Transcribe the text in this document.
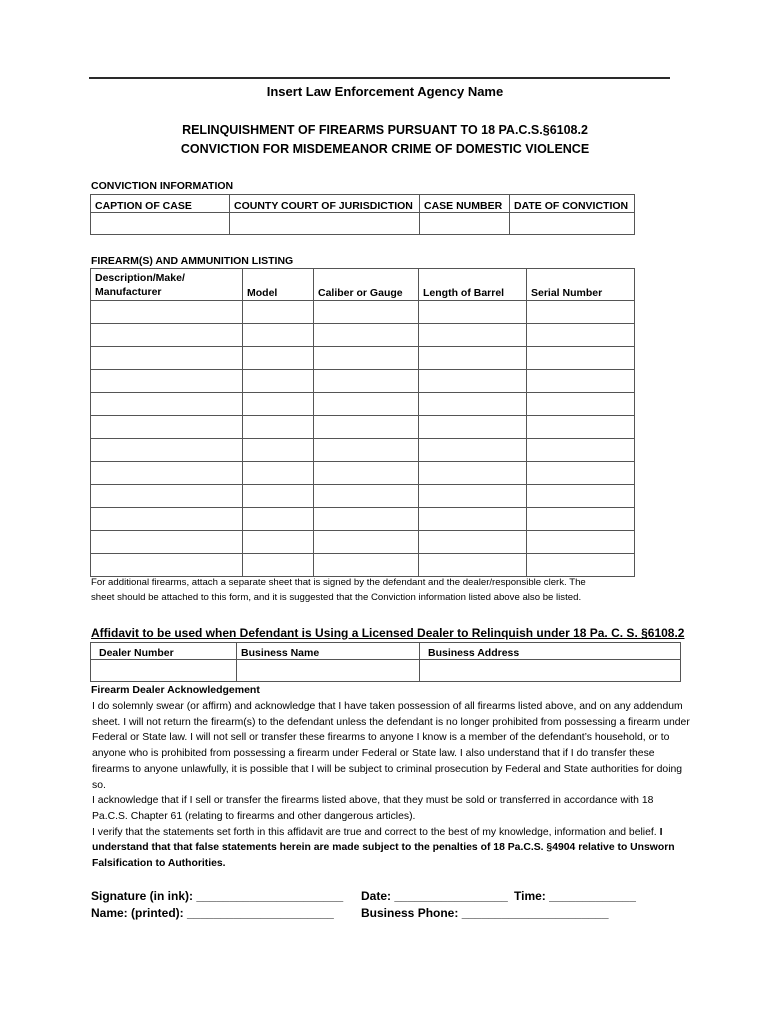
Insert Law Enforcement Agency Name
RELINQUISHMENT OF FIREARMS PURSUANT TO 18 PA.C.S.§6108.2
CONVICTION FOR MISDEMEANOR CRIME OF DOMESTIC VIOLENCE
CONVICTION INFORMATION
CAPTION OF CASE	COUNTY COURT OF JURISDICTION	CASE NUMBER	DATE OF CONVICTION

FIREARM(S) AND AMMUNITION LISTING
Description/Make/
Manufacturer	Model	Caliber or Gauge	Length of Barrel	Serial Number

For additional firearms, attach a separate sheet that is signed by the defendant and the dealer/responsible clerk. The
sheet should be attached to this form, and it is suggested that the Conviction information listed above also be listed.
Affidavit to be used when Defendant is Using a Licensed Dealer to Relinquish under 18 Pa. C. S. §6108.2
Dealer Number	Business Name	Business Address

Firearm Dealer Acknowledgement

I do solemnly swear (or affirm) and acknowledge that I have taken possession of all firearms listed above, and on any addendum sheet. I will not return the firearm(s) to the defendant unless the defendant is no longer prohibited from possessing a firearm under Federal or State law. I will not sell or transfer these firearms to anyone I know is a member of the defendant’s household, or to anyone who is prohibited from possessing a firearm under Federal or State law. I also understand that if I do transfer these firearms to anyone unlawfully, it is possible that I will be subject to criminal prosecution by Federal and State authorities for doing so.

I acknowledge that if I sell or transfer the firearms listed above, that they must be sold or transferred in accordance with 18 Pa.C.S. Chapter 61 (relating to firearms and other dangerous articles).

I verify that the statements set forth in this affidavit are true and correct to the best of my knowledge, information and belief. I understand that that false statements herein are made subject to the penalties of 18 Pa.C.S. §4904 relative to Unsworn Falsification to Authorities.

Signature (in ink): ______________________ Date: _________________ Time: _____________
Name: (printed): ______________________ Business Phone: ______________________
